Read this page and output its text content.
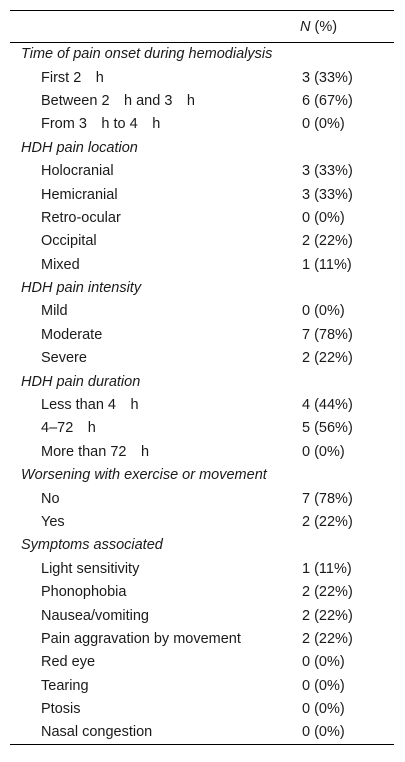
	N (%)
Time of pain onset during hemodialysis	
First 2 h	3 (33%)
Between 2 h and 3 h	6 (67%)
From 3 h to 4 h	0 (0%)
HDH pain location	
Holocranial	3 (33%)
Hemicranial	3 (33%)
Retro-ocular	0 (0%)
Occipital	2 (22%)
Mixed	1 (11%)
HDH pain intensity	
Mild	0 (0%)
Moderate	7 (78%)
Severe	2 (22%)
HDH pain duration	
Less than 4 h	4 (44%)
4–72 h	5 (56%)
More than 72 h	0 (0%)
Worsening with exercise or movement	
No	7 (78%)
Yes	2 (22%)
Symptoms associated	
Light sensitivity	1 (11%)
Phonophobia	2 (22%)
Nausea/vomiting	2 (22%)
Pain aggravation by movement	2 (22%)
Red eye	0 (0%)
Tearing	0 (0%)
Ptosis	0 (0%)
Nasal congestion	0 (0%)
